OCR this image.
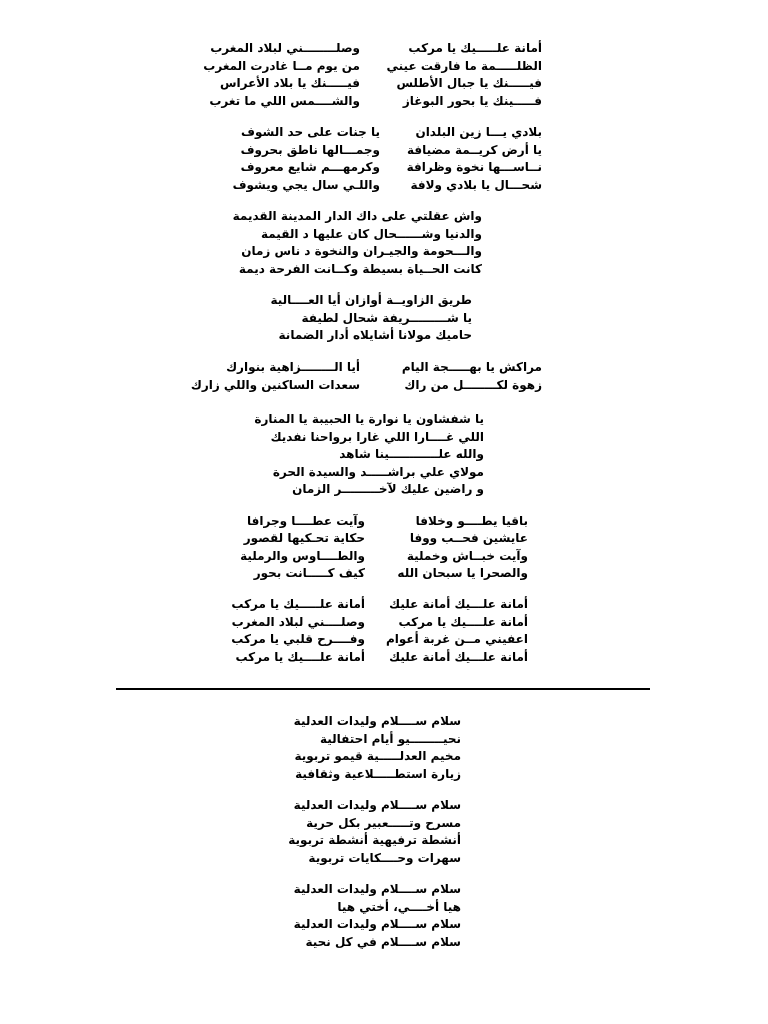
أمانة علـــــيك يا مركب
وصلــــــــني لبلاد المغرب
الظلـــــمة ما فارقت عيني
من يوم مــا غادرت المغرب
فيـــــنك يا جبال الأطلس
فيـــــنك يا بلاد الأعراس
فـــــينك يا بحور البوغاز
والشــــمس اللي ما تغرب
بلادي يـــا زين البلدان
يا جنات على حد الشوف
يا أرض كريــمة مضيافة
وجمـــالها ناطق بحروف
نــاســـها نخوة وظرافة
وكرمهـــم شايع معروف
شحـــال يا بلادي ولافة
واللـي سال يجي ويشوف
واش عقلتي على داك الدار المدينة القديمة
والدنيا وشــــــحال كان عليها د القيمة
والـــحومة والجيـران والنخوة د ناس زمان
كانت الحــياة بسيطة وكــانت الفرحة ديمة
طريق الزاويــة أوازان أيا العــــالية
يا شـــــــــريفة شحال لطيفة
حاميك مولانا أشايلاه أدار الضمانة
مراكش يا بهـــــجة اليام
أيا الــــــــزاهية بنوارك
زهوة لكــــــــل من راك
سعدات الساكنين واللي زارك
يا شفشاون يا نوارة يا الحبيبة يا المنارة
اللي غــــارا اللي غارا برواحنا نفديك
والله علــــــــــــينا شاهد
مولاي علي براشـــــد والسيدة الحرة
و راضين عليك لآخـــــــــر الزمان
باقيا يطــــو وخلافا
وآيت عطــــا وجرافا
عايشين فحــب ووفا
حكاية تحـكيها لقصور
وآيت خبــاش وخملية
والطــــاوس والرملية
والصحرا يا سبحان الله
كيف كـــــانت بحور
أمانة علـــيك أمانة عليك
أمانة علـــــيك يا مركب
أمانة علــــيك يا مركب
وصلــــني لبلاد المغرب
اعفيني مــن غربة أعوام
وفــــرح قلبي يا مركب
أمانة علـــيك أمانة عليك
أمانة علــــيك يا مركب
سلام ســــلام وليدات العدلية
نحيــــــــيو أيام احتفالية
مخيم العدلـــــية قيمو تربوية
زيارة استطـــــلاعية وثقافية
سلام ســــلام وليدات العدلية
مسرح وتـــــعبير بكل حرية
أنشطة ترفيهية أنشطة تربوية
سهرات وحــــكايات تربوية
سلام ســــلام وليدات العدلية
هيا أخــــي، أختي هيا
سلام ســــلام وليدات العدلية
سلام ســــلام في كل نحية
